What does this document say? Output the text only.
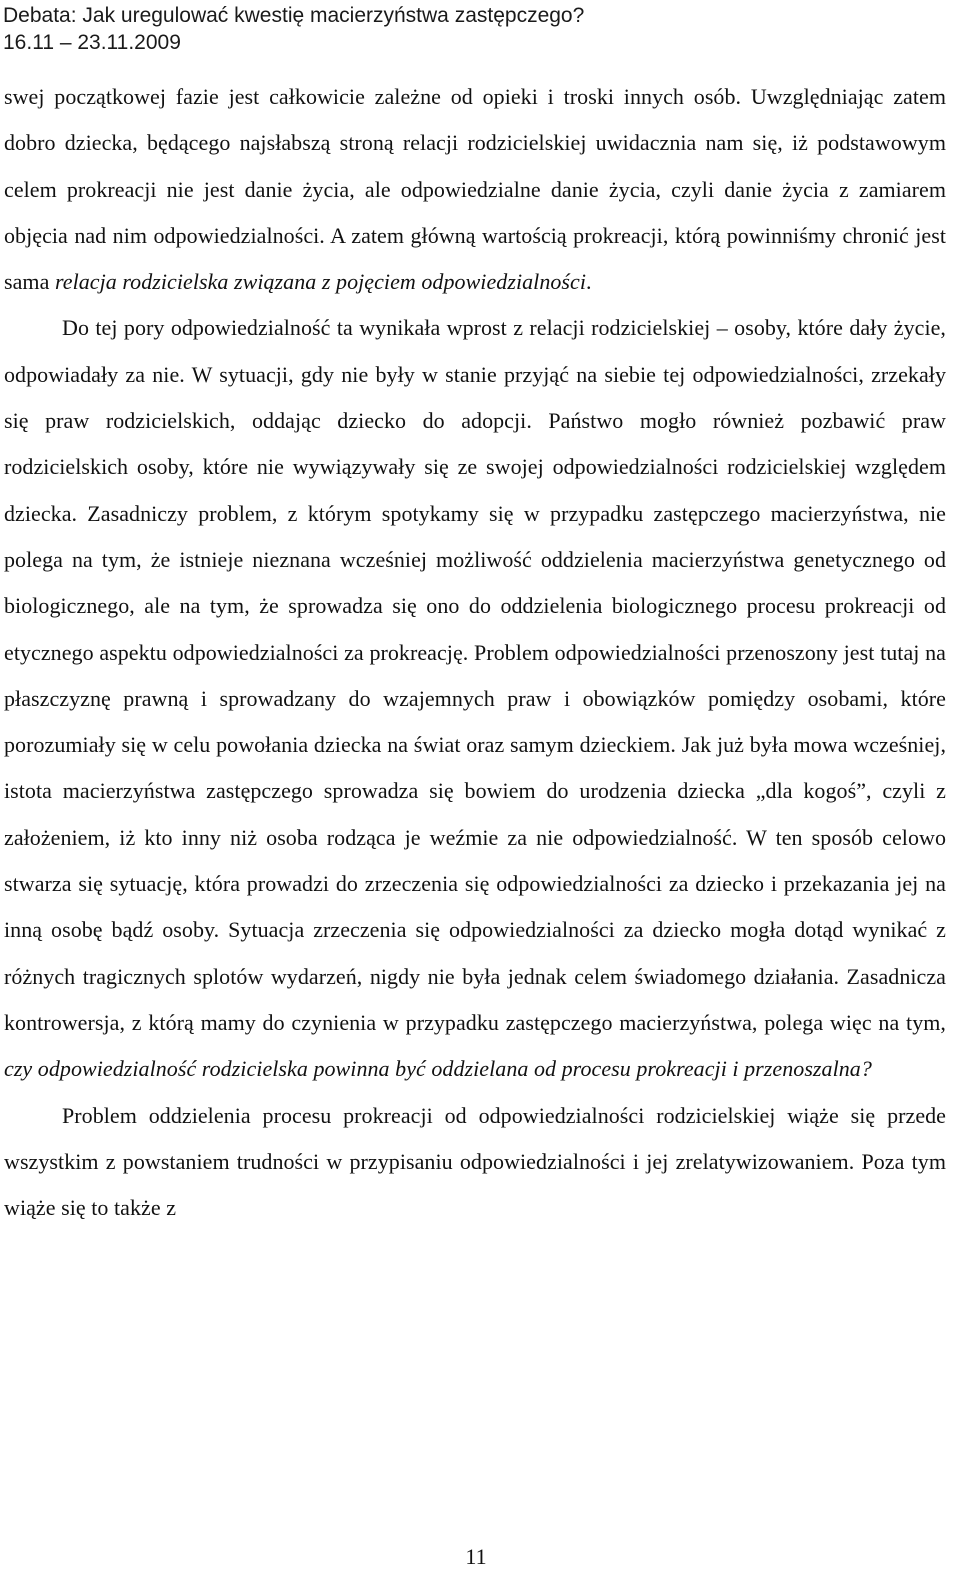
Debata: Jak uregulować kwestię macierzyństwa zastępczego?
16.11 – 23.11.2009

swej początkowej fazie jest całkowicie zależne od opieki i troski innych osób. Uwzględniając zatem dobro dziecka, będącego najsłabszą stroną relacji rodzicielskiej uwidacznia nam się, iż podstawowym celem prokreacji nie jest danie życia, ale odpowiedzialne danie życia, czyli danie życia z zamiarem objęcia nad nim odpowiedzialności. A zatem główną wartością prokreacji, którą powinniśmy chronić jest sama relacja rodzicielska związana z pojęciem odpowiedzialności.

Do tej pory odpowiedzialność ta wynikała wprost z relacji rodzicielskiej – osoby, które dały życie, odpowiadały za nie. W sytuacji, gdy nie były w stanie przyjąć na siebie tej odpowiedzialności, zrzekały się praw rodzicielskich, oddając dziecko do adopcji. Państwo mogło również pozbawić praw rodzicielskich osoby, które nie wywiązywały się ze swojej odpowiedzialności rodzicielskiej względem dziecka. Zasadniczy problem, z którym spotykamy się w przypadku zastępczego macierzyństwa, nie polega na tym, że istnieje nieznana wcześniej możliwość oddzielenia macierzyństwa genetycznego od biologicznego, ale na tym, że sprowadza się ono do oddzielenia biologicznego procesu prokreacji od etycznego aspektu odpowiedzialności za prokreację. Problem odpowiedzialności przenoszony jest tutaj na płaszczyznę prawną i sprowadzany do wzajemnych praw i obowiązków pomiędzy osobami, które porozumiały się w celu powołania dziecka na świat oraz samym dzieckiem. Jak już była mowa wcześniej, istota macierzyństwa zastępczego sprowadza się bowiem do urodzenia dziecka „dla kogoś”, czyli z założeniem, iż kto inny niż osoba rodząca je weźmie za nie odpowiedzialność. W ten sposób celowo stwarza się sytuację, która prowadzi do zrzeczenia się odpowiedzialności za dziecko i przekazania jej na inną osobę bądź osoby. Sytuacja zrzeczenia się odpowiedzialności za dziecko mogła dotąd wynikać z różnych tragicznych splotów wydarzeń, nigdy nie była jednak celem świadomego działania. Zasadnicza kontrowersja, z którą mamy do czynienia w przypadku zastępczego macierzyństwa, polega więc na tym, czy odpowiedzialność rodzicielska powinna być oddzielana od procesu prokreacji i przenoszalna?

Problem oddzielenia procesu prokreacji od odpowiedzialności rodzicielskiej wiąże się przede wszystkim z powstaniem trudności w przypisaniu odpowiedzialności i jej zrelatywizowaniem. Poza tym wiąże się to także z

11
